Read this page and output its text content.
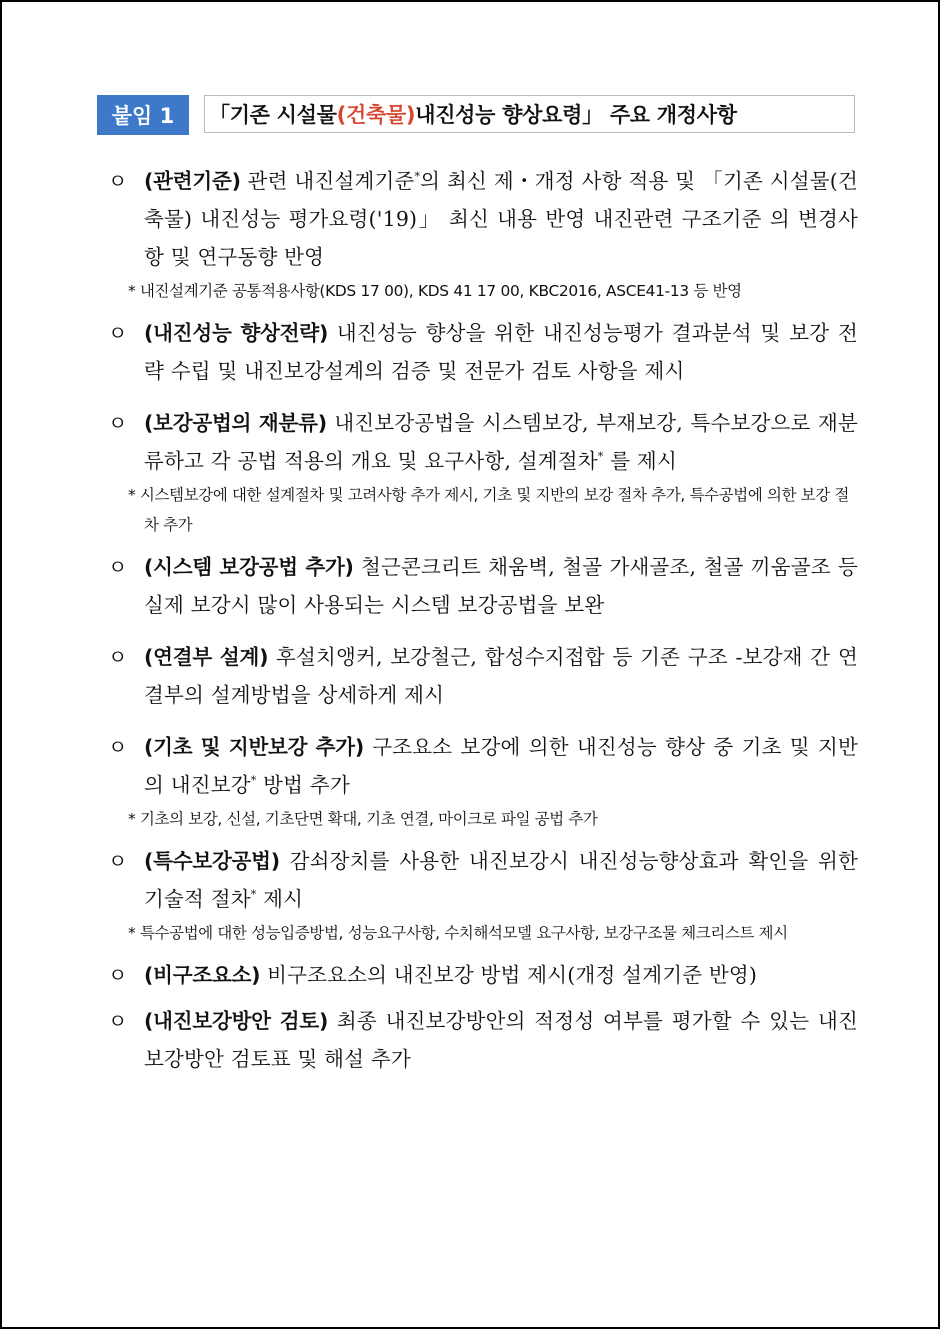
붙임 1	「기존 시설물 (건축물) 내진성능 향상요령」 주요 개정사항
ㅇ (관련기준) 관련 내진설계기준*의 최신 제・개정 사항 적용 및 「기존 시설물(건축물) 내진성능 평가요령('19)」 최신 내용 반영 내진관련 구조기준 의 변경사항 및 연구동향 반영

* 내진설계기준 공통적용사항(KDS 17 00), KDS 41 17 00, KBC2016, ASCE41-13 등 반영

ㅇ (내진성능 향상전략) 내진성능 향상을 위한 내진성능평가 결과분석 및 보강 전략 수립 및 내진보강설계의 검증 및 전문가 검토 사항을 제시
ㅇ (보강공법의 재분류) 내진보강공법을 시스템보강, 부재보강, 특수보강으로 재분류하고 각 공법 적용의 개요 및 요구사항, 설계절차* 를 제시

* 시스템보강에 대한 설계절차 및 고려사항 추가 제시, 기초 및 지반의 보강 절차 추가, 특수공법에 의한 보강 절차 추가

ㅇ (시스템 보강공법 추가) 철근콘크리트 채움벽, 철골 가새골조, 철골 끼움골조 등 실제 보강시 많이 사용되는 시스템 보강공법을 보완
ㅇ (연결부 설계) 후설치앵커, 보강철근, 합성수지접합 등 기존 구조 -보강재 간 연결부의 설계방법을 상세하게 제시
ㅇ (기초 및 지반보강 추가) 구조요소 보강에 의한 내진성능 향상 중 기초 및 지반의 내진보강* 방법 추가

* 기초의 보강, 신설, 기초단면 확대, 기초 연결, 마이크로 파일 공법 추가

ㅇ (특수보강공법) 감쇠장치를 사용한 내진보강시 내진성능향상효과 확인을 위한 기술적 절차* 제시

* 특수공법에 대한 성능입증방법, 성능요구사항, 수치해석모델 요구사항, 보강구조물 체크리스트 제시

ㅇ (비구조요소) 비구조요소의 내진보강 방법 제시(개정 설계기준 반영)
ㅇ (내진보강방안 검토) 최종 내진보강방안의 적정성 여부를 평가할 수 있는 내진보강방안 검토표 및 해설 추가
